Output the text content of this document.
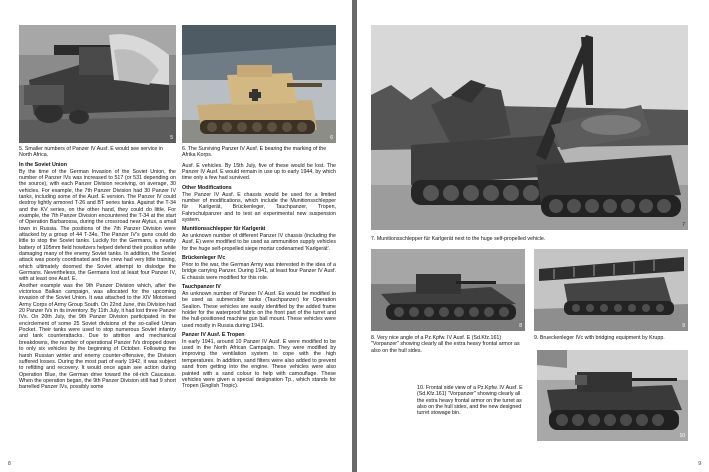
5	6

5. Smaller numbers of Panzer IV Ausf. E would see service in North Africa.

In the Soviet Union

By the time of the German Invasion of the Soviet Union, the number of Panzer IVs was increased to 517 (or 531 depending on the source), with each Panzer Division receiving, on average, 30 vehicles. For example, the 7th Panzer Division had 30 Panzer IV tanks, including some of the Ausf. E version. The Panzer IV could destroy lightly armored T-26 and BT series tanks. Against the T-34 and the KV series, on the other hand, they could do little. For example, the 7th Panzer Division encountered the T-34 at the start of Operation Barbarossa, during the crossroad near Alytus, a small town in Russia. The positions of the 7th Panzer Division were attacked by a group of 44 T-34s. The Panzer IV's guns could do little to stop the Soviet tanks. Luckily for the Germans, a nearby battery of 105mm field howitzers helped defend their position while damaging many of the enemy Soviet tanks. In addition, the Soviet attack was poorly coordinated and the crew had very little training, which ultimately doomed the Soviet attempt to dislodge the Germans. Nevertheless, the Germans lost at least four Panzer IV, with at least one Ausf. E.

Another example was the 9th Panzer Division which, after the victorious Balkan campaign, was allocated for the upcoming invasion of the Soviet Union. It was attached to the XIV Motorised Army Corps of Army Group South. On 22nd June, this Division had 20 Panzer IVs in its inventory. By 11th July, it had lost three Panzer IVs. On 20th July, the 9th Panzer Division participated in the encirclement of some 25 Soviet divisions of the so-called Uman Pocket. Their tanks were used to stop numerous Soviet infantry and tank counterattacks. Due to attrition and mechanical breakdowns, the number of operational Panzer IVs dropped down to only six vehicles by the beginning of October. Following the harsh Russian winter and enemy counter-offensive, the Division suffered losses. During the most part of early 1942, it was subject to refitting and recovery. It would once again see action during Operation Blue, the German drive toward the oil-rich Caucasus. When the operation began, the 9th Panzer Division still had 9 short barrelled Panzer IVs, possibly some

6. The Surviving Panzer IV Ausf. E bearing the marking of the Afrika Korps.

Ausf. E vehicles. By 15th July, five of these would be lost. The Panzer IV Ausf. E would remain in use up to early 1944, by which time only a few had survived.

Other Modifications

The Panzer IV Ausf. E chassis would be used for a limited number of modifications, which include the Munitionsschlepper für Karlgerät, Brückenleger, Tauchpanzer, Tropen, Fahrschulpanzer and to test an experimental new suspension system.

Munitionsschlepper für Karlgerät

An unknown number of different Panzer IV chassis (including the Ausf. E) were modified to be used as ammunition supply vehicles for the huge self-propelled siege mortar codenamed 'Karlgerät'.

Brückenleger IVc

Prior to the war, the German Army was interested in the idea of a bridge carrying Panzer. During 1941, at least four Panzer IV Ausf. E chassis were modified for this role.

Tauchpanzer IV

An unknown number of Panzer IV Ausf. Es would be modified to be used as submersible tanks (Tauchpanzer) for Operation Sealion. These vehicles are easily identified by the added frame holder for the waterproof fabric on the front part of the turret and the hull-positioned machine gun ball mount. These vehicles were used mostly in Russia during 1941.

Panzer IV Ausf. E Tropen

In early 1941, around 10 Panzer IV Ausf. E were modified to be used in the North African Campaign. They were modified by improving the ventilation system to cope with the high temperatures. In addition, sand filters were also added to prevent sand from getting into the engine. These vehicles were also painted with a sand colour to help with camouflage. These vehicles were given a special designation Tp., which stands for Tropen (English Tropic).

8
7

7. Munitionsschlepper für Karlgerät next to the huge self-propelled vehicle.

8

8. Very nice angle of a Pz.Kpfw. IV Ausf. E (Sd.Kfz.161) "Vorpanzer" showing clearly all the extra heavy frontal armor as also on the hull sides.

9

9. Brueckenleger IVc with bridging equipment by Krupp.

10

10. Frontal side view of a Pz.Kpfw. IV Ausf. E (Sd.Kfz.161) "Vorpanzer" showing clearly all the extra heavy frontal armor on the turret as also on the hull sides, and the new designed turret stowage bin.

9
